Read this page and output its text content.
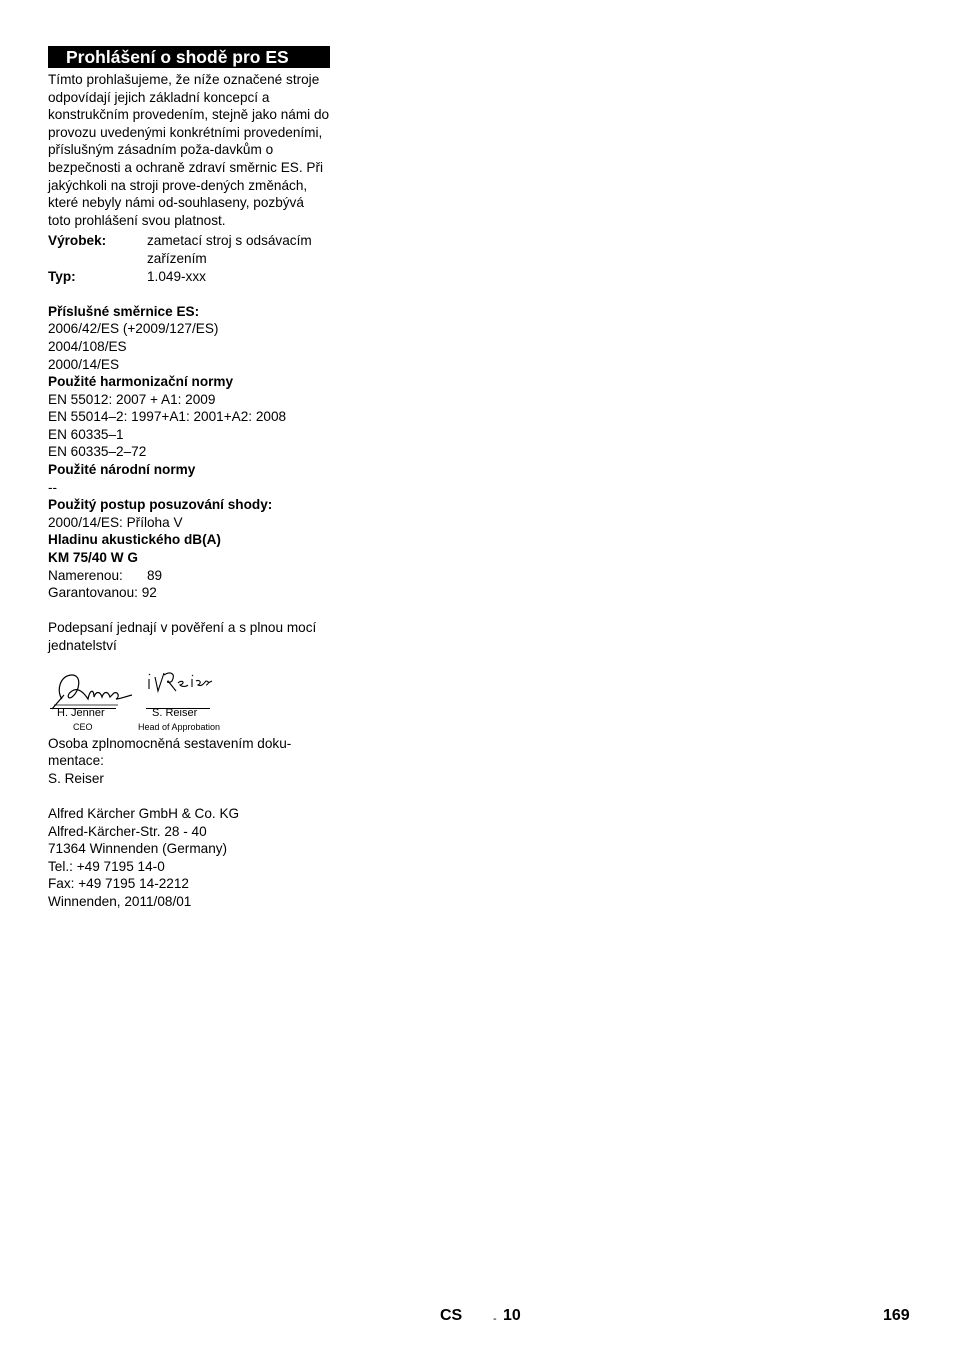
Prohlášení o shodě pro ES

Tímto prohlašujeme, že níže označené stroje odpovídají jejich základní koncepcí a konstrukčním provedením, stejně jako námi do provozu uvedenými konkrétními provedeními, příslušným zásadním poža-davkům o bezpečnosti a ochraně zdraví směrnic ES. Při jakýchkoli na stroji prove-dených změnách, které nebyly námi od-souhlaseny, pozbývá toto prohlášení svou platnost.

Výrobek:	zametací stroj s odsávacím zařízením
Typ:	1.049-xxx

Příslušné směrnice ES:

2006/42/ES (+2009/127/ES)

2004/108/ES

2000/14/ES

Použité harmonizační normy

EN 55012: 2007 + A1: 2009

EN 55014–2: 1997+A1: 2001+A2: 2008

EN 60335–1

EN 60335–2–72

Použité národní normy

--

Použitý postup posuzování shody:

2000/14/ES: Příloha V

Hladinu akustického dB(A)

KM 75/40 W G

Namerenou:	89
Garantovanou: 92

Podepsaní jednají v pověření a s plnou mocí jednatelství

H. Jenner
CEO
S. Reiser
Head of Approbation

Osoba zplnomocněná sestavením doku-mentace:

S. Reiser

Alfred Kärcher GmbH & Co. KG

Alfred-Kärcher-Str. 28 - 40

71364 Winnenden (Germany)

Tel.: +49 7195 14-0

Fax: +49 7195 14-2212

Winnenden, 2011/08/01

CS	- 10	169
